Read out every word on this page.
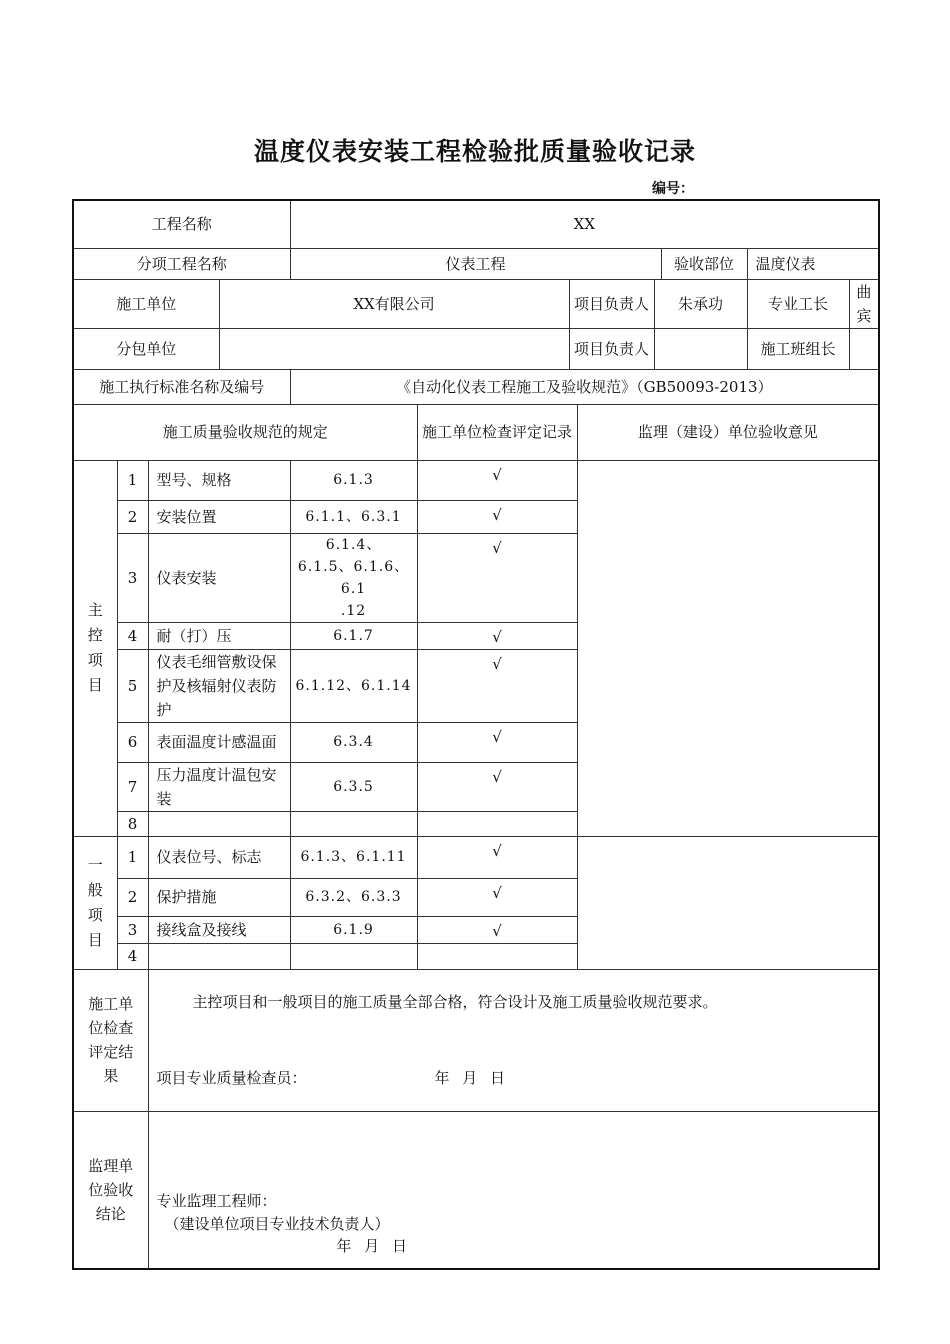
温度仪表安装工程检验批质量验收记录
编号：
工程名称				XX							
分项工程名称				仪表工程					验收部位	温度仪表	
施工单位			XX有限公司			项目负责人		朱承功		专业工长	曲宾
分包单位						项目负责人				施工班组长	
施工执行标准名称及编号				《自动化仪表工程施工及验收规范》（GB50093-2013）							
施工质量验收规范的规定					施工单位检查评定记录		监理（建设）单位验收意见				
主
控
项
目	1	型号、规格		6.1.3	√						
	2	安装位置		6.1.1、6.3.1	√						
	3	仪表安装		6.1.4、
6.1.5、6.1.6、6.1
.12	√						
	4	耐（打）压		6.1.7	√						
	5	仪表毛细管敷设保护及核辐射仪表防护		6.1.12、6.1.14	√						
	6	表面温度计感温面		6.3.4	√						
	7	压力温度计温包安装		6.3.5	√						
	8										
一
般
项
目	1	仪表位号、标志		6.1.3、6.1.11	√						
	2	保护措施		6.3.2、6.3.3	√						
	3	接线盒及接线		6.1.9	√						
	4										
施工单位检查评定结果		主控项目和一般项目的施工质量全部合格，符合设计及施工质量验收规范要求。
项目专业质量检查员： 年 月 日									

监理单位验收结论		专业监理工程师：
（建设单位项目专业技术负责人）
年 月 日									
